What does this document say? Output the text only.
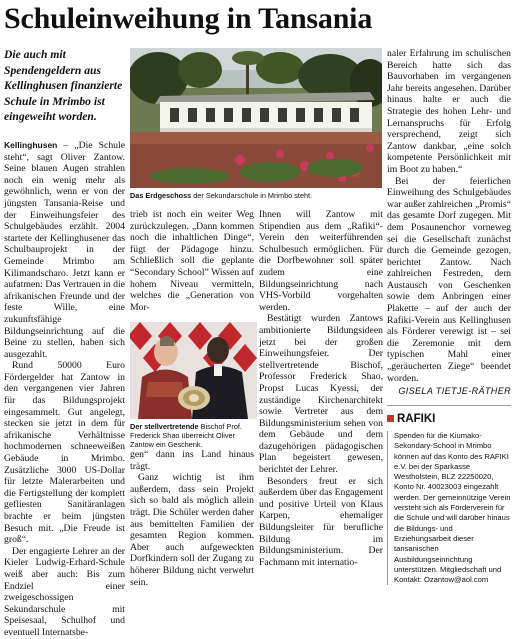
Schuleinweihung in Tansania
Die auch mit Spendengeldern aus Kellinghusen finanzierte Schule in Mrimbo ist eingeweiht worden.
Das Erdgeschoss der Sekundarschule in Mrimbo steht.

Kellinghusen – „Die Schule steht“, sagt Oliver Zantow. Seine blauen Augen strahlen noch ein wenig mehr als gewöhnlich, wenn er von der jüngsten Tansania-Reise und der Einweihungsfeier des Schulgebäudes erzählt. 2004 startete der Kellinghusener das Schulbauprojekt in der Gemeinde Mrimbo am Kilimandscharo. Jetzt kann er aufatmen: Das Vertrauen in die afrikanischen Freunde und der feste Wille, eine zukunftsfähige Bildungseinrichtung auf die Beine zu stellen, haben sich ausgezahlt.

Rund 50000 Euro Fördergelder hat Zantow in den vergangenen vier Jahren für das Bildungsprojekt eingesammelt. Gut angelegt, stecken sie jetzt in dem für afrikanische Verhältnisse hochmodernen schneeweißen Gebäude in Mrimbo. Zusätzliche 3000 US-Dollar für letzte Malerarbeiten und die Fertigstellung der komplett gefliesten Sanitäranlagen brachte er beim jüngsten Besuch mit. „Die Freude ist groß“.

Der engagierte Lehrer an der Kieler Ludwig-Erhard-Schule weiß aber auch: Bis zum Endziel einer zweigeschossigen Sekundarschule mit Speisesaal, Schulhof und eventuell Internatsbe-

trieb ist noch ein weiter Weg zurückzulegen. „Dann kommen noch die inhaltlichen Dinge“, fügt der Pädagoge hinzu. Schließlich soll die geplante “Secondary School” Wissen auf hohem Niveau vermitteln, welches die „Generation von Mor-

Der stellvertretende Bischof Prof. Frederick Shao überreicht Oliver Zantow ein Geschenk.

gen“ dann ins Land hinaus trägt.

Ganz wichtig ist ihm außerdem, dass sein Projekt sich so bald als möglich allein trägt. Die Schüler werden daher aus bemittelten Familien der gesamten Region kommen. Aber auch aufgeweckten Dorfkindern soll der Zugang zu höherer Bildung nicht verwehrt sein.

Ihnen will Zantow mit Stipendien aus dem „Rafiki“-Verein den weiterführenden Schulbesuch ermöglichen. Für die Dorfbewohner soll später zudem eine Bildungseinrichtung nach VHS-Vorbild vorgehalten werden.

Bestätigt wurden Zantows ambitionierte Bildungsideen jetzt bei der großen Einweihungsfeier. Der stellvertretende Bischof, Professor Frederick Shao, Propst Lucas Kyessi, der zuständige Kirchenarchitekt sowie Vertreter aus dem Bildungsministerium sehen von dem Gebäude und dem dazugehörigen pädagogischen Plan begeistert gewesen, berichtet der Lehrer.

Besonders freut er sich außerdem über das Engagement und positive Urteil von Klaus Karpen, ehemaliger Bildungsleiter für berufliche Bildung im Bildungsministerium. Der Fachmann mit internatio-

naler Erfahrung im schulischen Bereich hatte sich das Bauvorhaben im vergangenen Jahr bereits angesehen. Darüber hinaus halte er auch die Strategie des hohen Lehr- und Lernanspruchs für Erfolg versprechend, zeigt sich Zantow dankbar, „eine solch kompetente Persönlichkeit mit im Boot zu haben.“

Bei der feierlichen Einweihung des Schulgebäudes war außer zahlreichen „Promis“ das gesamte Dorf zugegen. Mit dem Posaunenchor vorneweg sei die Gesellschaft zunächst durch die Gemeinde gezogen, berichtet Zantow. Nach zahlreichen Festreden, dem Austausch von Geschenken sowie dem Anbringen einer Plakette – auf der auch der Rafiki-Verein aus Kellinghusen als Förderer verewigt ist – sei die Zeremonie mit dem typischen Mahl einer „geräucherten Ziege“ beendet worden.

GISELA TIETJE-RÄTHER
RAFIKI
Spenden für die Kiumako-Sekondary-School in Mrimbo können auf das Konto des RAFIKI e.V. bei der Sparkasse Westholstein, BLZ 22250020, Konto Nr. 40023003 eingezahlt werden. Der gemeinnützige Verein versteht sich als Förderverein für die Schule und will darüber hinaus die Bildungs- und Erziehungsarbeit dieser tansanischen Ausbildungseinrichtung unterstützen. Mitgliedschaft und Kontakt: Ozantow@aol.com
